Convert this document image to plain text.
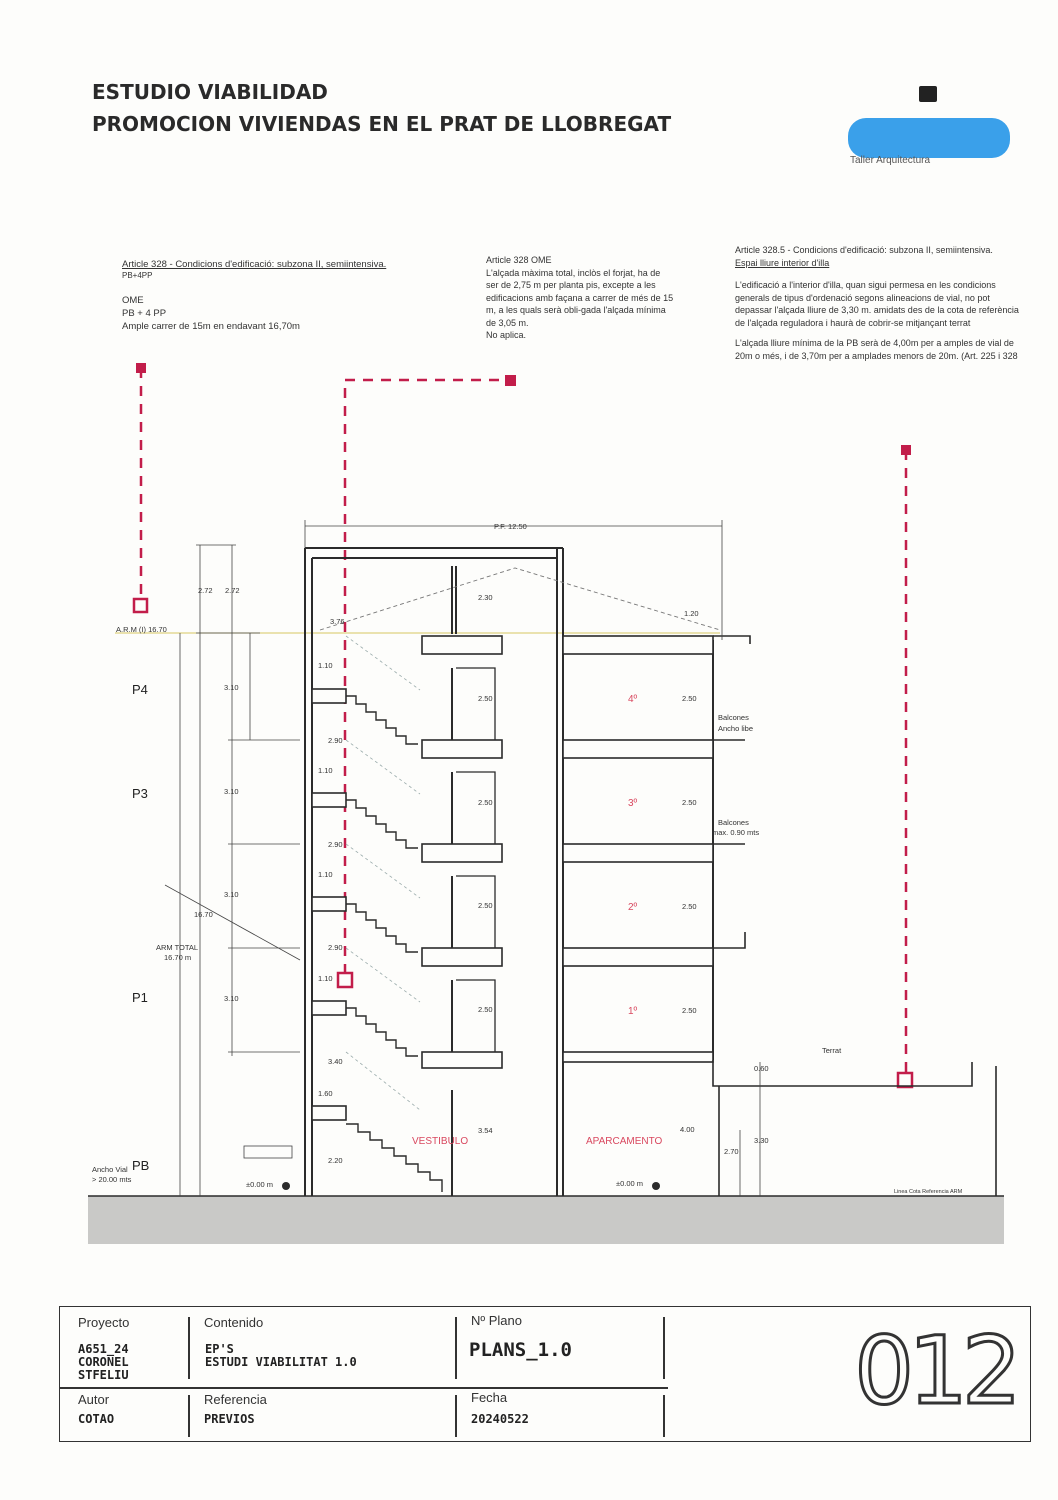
ESTUDIO VIABILIDAD
PROMOCION VIVIENDAS EN EL PRAT DE LLOBREGAT
Taller Arquitectura
Article 328 - Condicions d'edificació: subzona II, semiintensiva.
PB+4PP
OME
PB + 4 PP
Ample carrer de 15m en endavant 16,70m
Article 328 OME
L'alçada màxima total, inclòs el forjat, ha de ser de 2,75 m per planta pis, excepte a les edificacions amb façana a carrer de més de 15 m, a les quals serà obli-gada l'alçada mínima de 3,05 m.
No aplica.
Article 328.5 - Condicions d'edificació: subzona II, semiintensiva.
Espai lliure interior d'illa
L'edificació a l'interior d'illa, quan sigui permesa en les condicions generals de tipus d'ordenació segons alineacions de vial, no pot depassar l'alçada lliure de 3,30 m. amidats des de la cota de referència de l'alçada reguladora i haurà de cobrir-se mitjançant terrat
L'alçada lliure mínima de la PB serà de 4,00m per a amples de vial de 20m o més, i de 3,70m per a amplades menors de 20m. (Art. 225 i 328
P4
P3
P1
PB
4º
3º
2º
1º
VESTIBULO	APARCAMENTO
P.F. 12.50
A.R.M (I) 16.70
2.72 2.72
3.10
3.10
3.10
3.10
16.70
ARM TOTAL
16.70 m
3.76
1.10
2.90
1.10
2.90
1.10
2.90
1.10
3.40
1.60
2.20
2.30
2.50
2.50
2.50
2.50
3.54
1.20
2.50
2.50
2.50
2.50
4.00
2.70
3.30
0.60
Terrat
Balcones
Ancho libe
Balcones
max. 0.90 mts
Ancho Vial
> 20.00 mts
±0.00 m	±0.00 m
Linea Cota Referencia ARM
Proyecto
A651_24
CORONEL
STFELIU
Contenido
EP'S
ESTUDI VIABILITAT 1.0
Nº Plano
PLANS_1.0
Autor
COTAO
Referencia
PREVIOS
Fecha
20240522	012
